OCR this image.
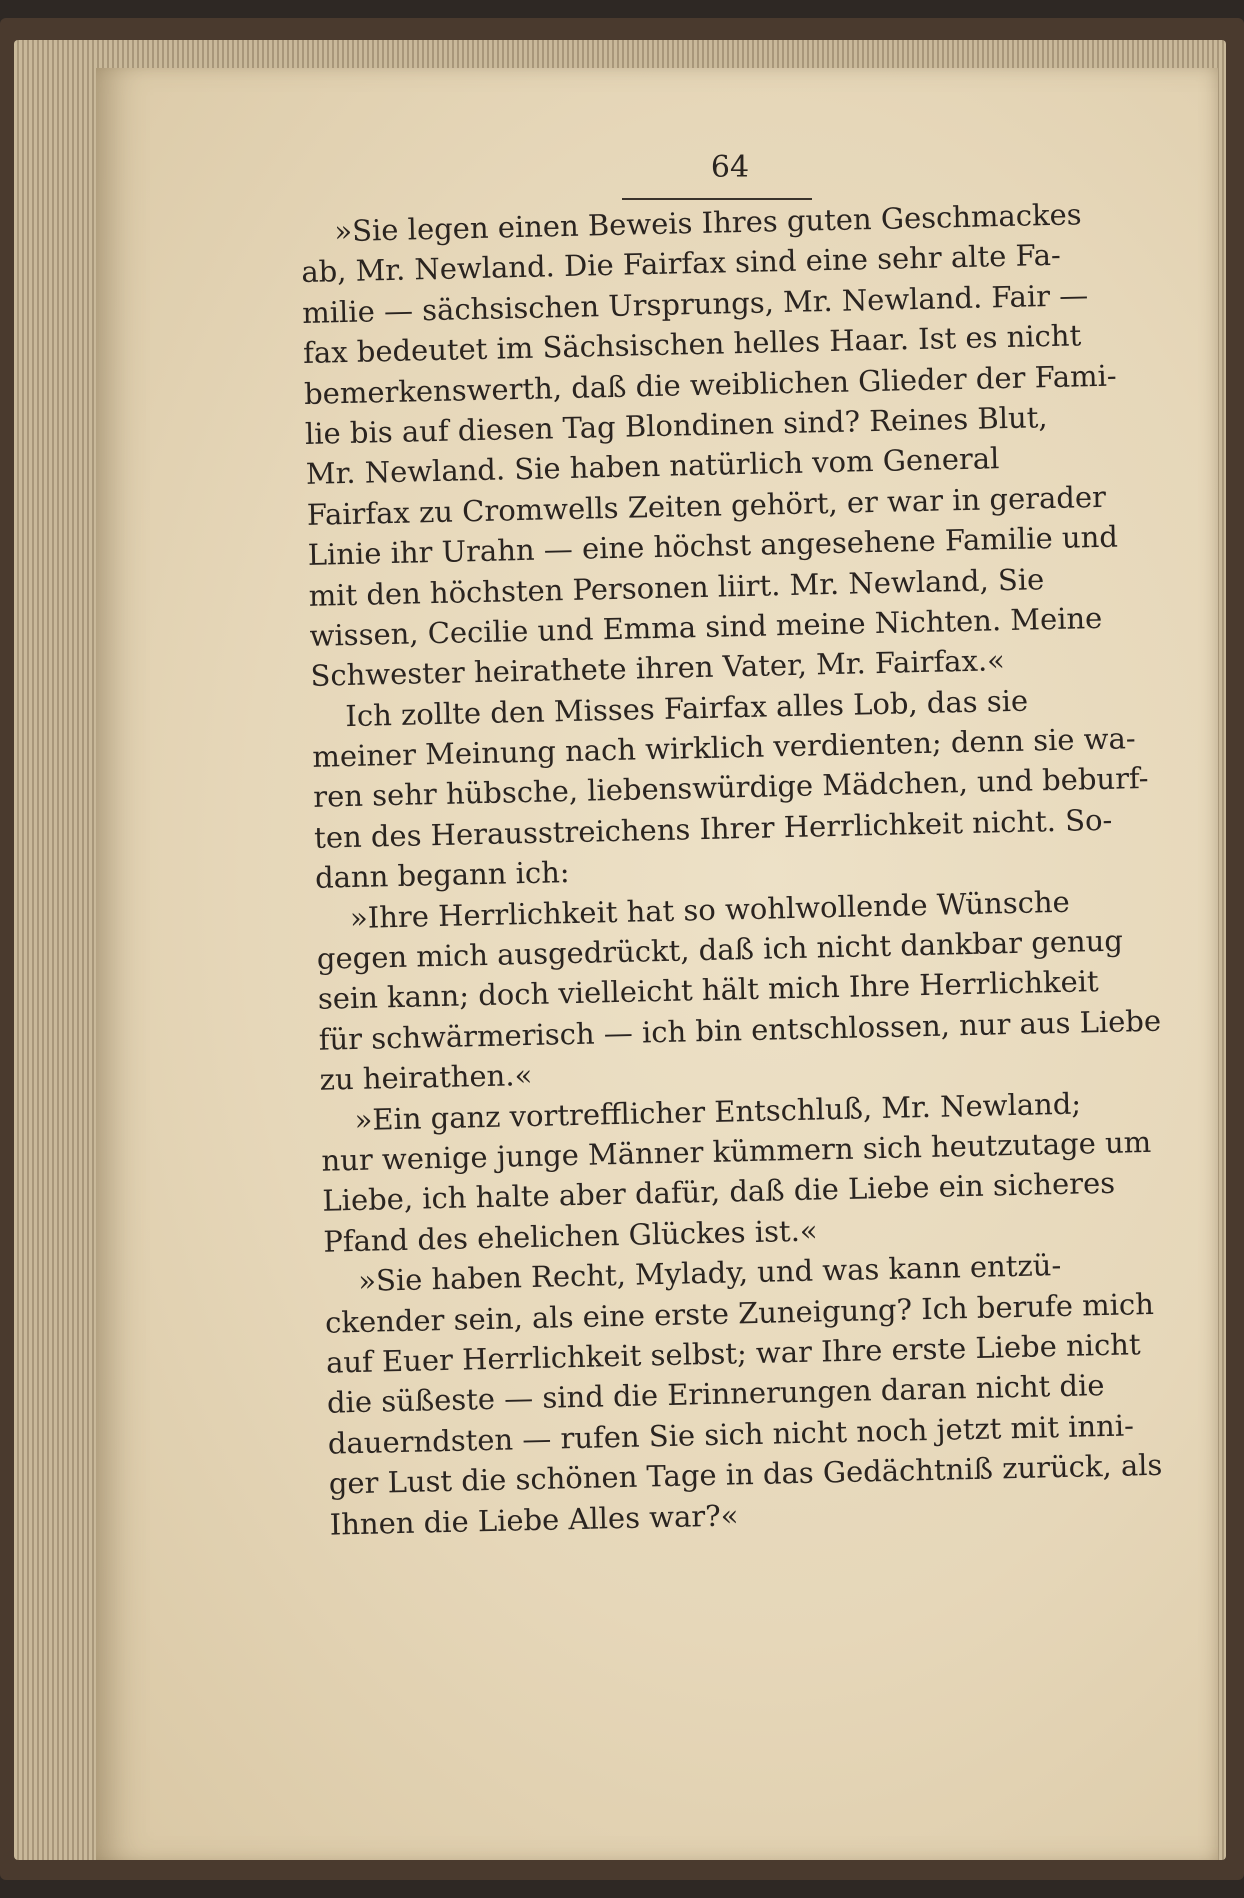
64
»Sie legen einen Beweis Ihres guten Geschmackes
ab, Mr. Newland. Die Fairfax sind eine sehr alte Fa-
milie — sächsischen Ursprungs, Mr. Newland. Fair —
fax bedeutet im Sächsischen helles Haar. Ist es nicht
bemerkenswerth, daß die weiblichen Glieder der Fami-
lie bis auf diesen Tag Blondinen sind? Reines Blut,
Mr. Newland. Sie haben natürlich vom General
Fairfax zu Cromwells Zeiten gehört, er war in gerader
Linie ihr Urahn — eine höchst angesehene Familie und
mit den höchsten Personen liirt. Mr. Newland, Sie
wissen, Cecilie und Emma sind meine Nichten. Meine
Schwester heirathete ihren Vater, Mr. Fairfax.«
Ich zollte den Misses Fairfax alles Lob, das sie
meiner Meinung nach wirklich verdienten; denn sie wa-
ren sehr hübsche, liebenswürdige Mädchen, und beburf-
ten des Herausstreichens Ihrer Herrlichkeit nicht. So-
dann begann ich:
»Ihre Herrlichkeit hat so wohlwollende Wünsche
gegen mich ausgedrückt, daß ich nicht dankbar genug
sein kann; doch vielleicht hält mich Ihre Herrlichkeit
für schwärmerisch — ich bin entschlossen, nur aus Liebe
zu heirathen.«
»Ein ganz vortrefflicher Entschluß, Mr. Newland;
nur wenige junge Männer kümmern sich heutzutage um
Liebe, ich halte aber dafür, daß die Liebe ein sicheres
Pfand des ehelichen Glückes ist.«
»Sie haben Recht, Mylady, und was kann entzü-
ckender sein, als eine erste Zuneigung? Ich berufe mich
auf Euer Herrlichkeit selbst; war Ihre erste Liebe nicht
die süßeste — sind die Erinnerungen daran nicht die
dauerndsten — rufen Sie sich nicht noch jetzt mit inni-
ger Lust die schönen Tage in das Gedächtniß zurück, als
Ihnen die Liebe Alles war?«
